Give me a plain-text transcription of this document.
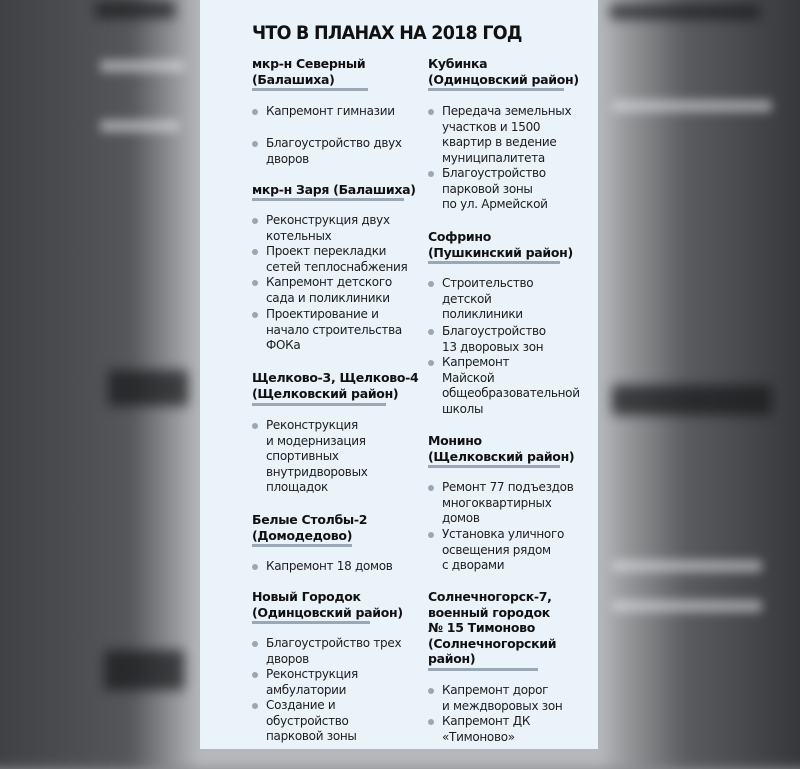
ЧТО В ПЛАНАХ НА 2018 ГОД
мкр-н Северный
(Балашиха)
Капремонт гимназии
Благоустройство двух
дворов
мкр-н Заря (Балашиха)
Реконструкция двух
котельных
Проект перекладки
сетей теплоснабжения
Капремонт детского
сада и поликлиники
Проектирование и
начало строительства
ФОКа
Щелково-3, Щелково-4
(Щелковский район)
Реконструкция
и модернизация
спортивных
внутридворовых
площадок
Белые Столбы-2
(Домодедово)
Капремонт 18 домов
Новый Городок
(Одинцовский район)
Благоустройство трех
дворов
Реконструкция
амбулатории
Создание и
обустройство
парковой зоны
Кубинка
(Одинцовский район)
Передача земельных
участков и 1500
квартир в ведение
муниципалитета
Благоустройство
парковой зоны
по ул. Армейской
Софрино
(Пушкинский район)
Строительство
детской
поликлиники
Благоустройство
13 дворовых зон
Капремонт
Майской
общеобразовательной
школы
Монино
(Щелковский район)
Ремонт 77 подъездов
многоквартирных
домов
Установка уличного
освещения рядом
с дворами
Солнечногорск-7,
военный городок
№ 15 Тимоново
(Солнечногорский
район)
Капремонт дорог
и междворовых зон
Капремонт ДК
«Тимоново»
